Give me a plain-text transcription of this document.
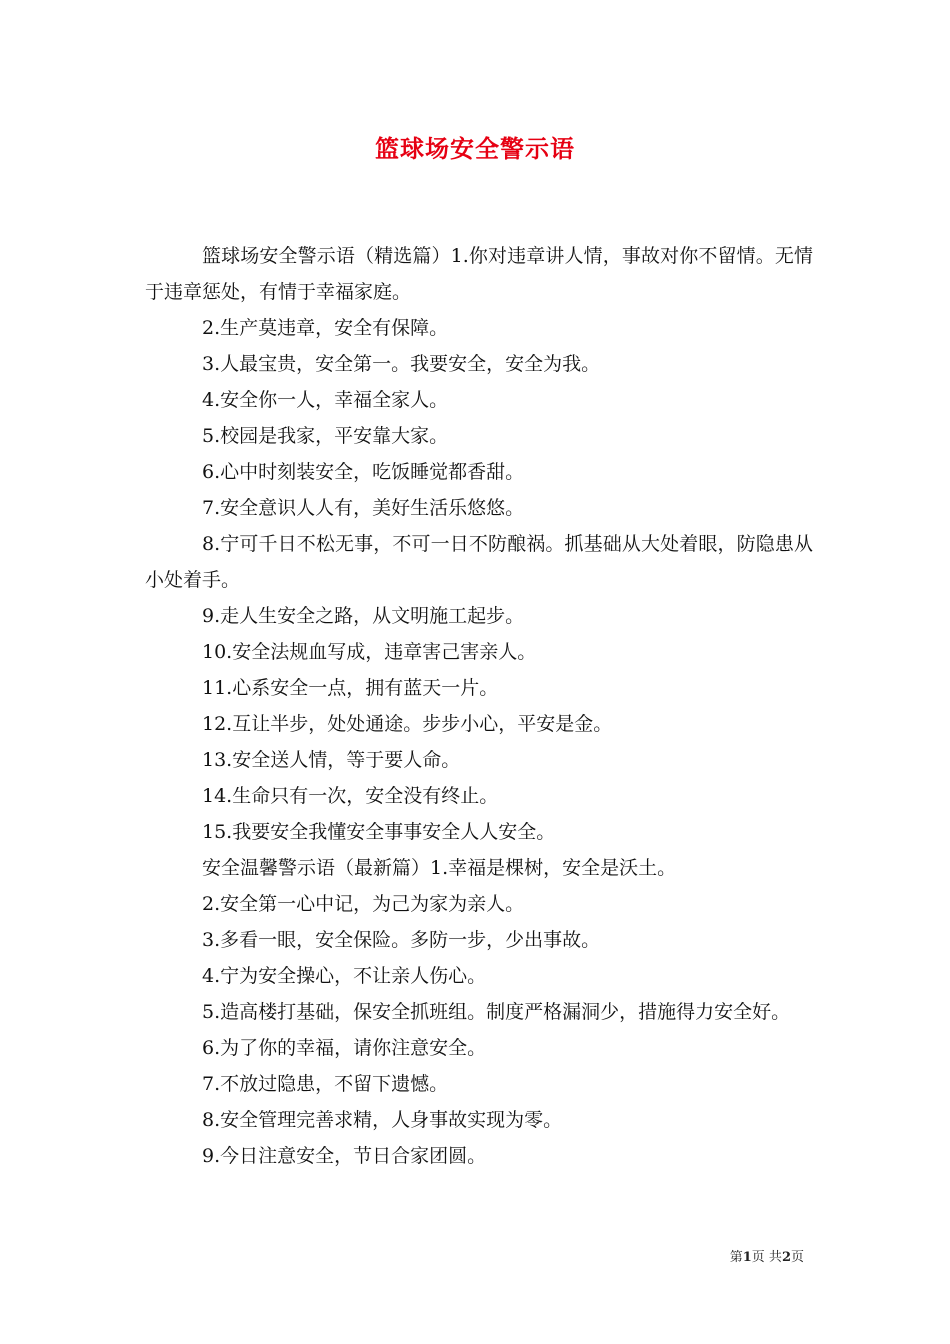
篮球场安全警示语

篮球场安全警示语（精选篇）1.你对违章讲人情，事故对你不留情。无情于违章惩处，有情于幸福家庭。

2.生产莫违章，安全有保障。

3.人最宝贵，安全第一。我要安全，安全为我。

4.安全你一人，幸福全家人。

5.校园是我家，平安靠大家。

6.心中时刻装安全，吃饭睡觉都香甜。

7.安全意识人人有，美好生活乐悠悠。

8.宁可千日不松无事，不可一日不防酿祸。抓基础从大处着眼，防隐患从小处着手。

9.走人生安全之路，从文明施工起步。

10.安全法规血写成，违章害己害亲人。

11.心系安全一点，拥有蓝天一片。

12.互让半步，处处通途。步步小心，平安是金。

13.安全送人情，等于要人命。

14.生命只有一次，安全没有终止。

15.我要安全我懂安全事事安全人人安全。

安全温馨警示语（最新篇）1.幸福是棵树，安全是沃土。

2.安全第一心中记，为己为家为亲人。

3.多看一眼，安全保险。多防一步，少出事故。

4.宁为安全操心，不让亲人伤心。

5.造高楼打基础，保安全抓班组。制度严格漏洞少，措施得力安全好。

6.为了你的幸福，请你注意安全。

7.不放过隐患，不留下遗憾。

8.安全管理完善求精，人身事故实现为零。

9.今日注意安全，节日合家团圆。

第1页 共2页
